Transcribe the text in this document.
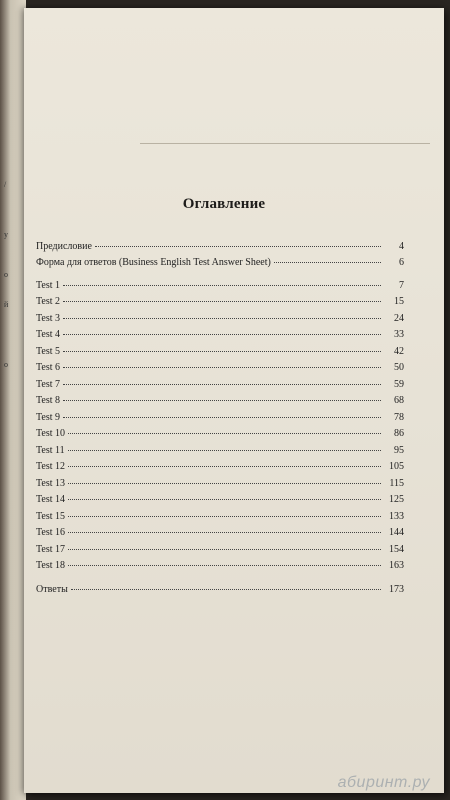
/
y
o
й
о
Оглавление
Предисловие	4
Форма для ответов (Business English Test Answer Sheet)	6
Test 1	7
Test 2	15
Test 3	24
Test 4	33
Test 5	42
Test 6	50
Test 7	59
Test 8	68
Test 9	78
Test 10	86
Test 11	95
Test 12	105
Test 13	115
Test 14	125
Test 15	133
Test 16	144
Test 17	154
Test 18	163
Ответы	173
абиринт.ру
